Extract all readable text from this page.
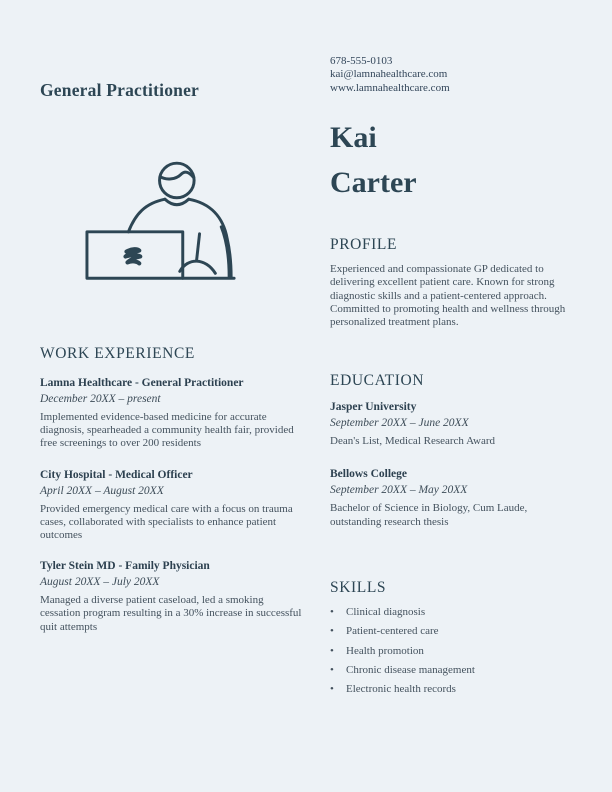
General Practitioner
WORK EXPERIENCE
Lamna Healthcare - General Practitioner
December 20XX – present
Implemented evidence-based medicine for accurate diagnosis, spearheaded a community health fair, provided free screenings to over 200 residents
City Hospital - Medical Officer
April 20XX – August 20XX
Provided emergency medical care with a focus on trauma cases, collaborated with specialists to enhance patient outcomes
Tyler Stein MD - Family Physician
August 20XX – July 20XX
Managed a diverse patient caseload, led a smoking cessation program resulting in a 30% increase in successful quit attempts
678-555-0103
kai@lamnahealthcare.com
www.lamnahealthcare.com
Kai
Carter
PROFILE

Experienced and compassionate GP dedicated to delivering excellent patient care. Known for strong diagnostic skills and a patient-centered approach. Committed to promoting health and wellness through personalized treatment plans.

EDUCATION
Jasper University
September 20XX – June 20XX
Dean's List, Medical Research Award
Bellows College
September 20XX – May 20XX
Bachelor of Science in Biology, Cum Laude, outstanding research thesis
SKILLS
•	Clinical diagnosis
•	Patient-centered care
•	Health promotion
•	Chronic disease management
•	Electronic health records
